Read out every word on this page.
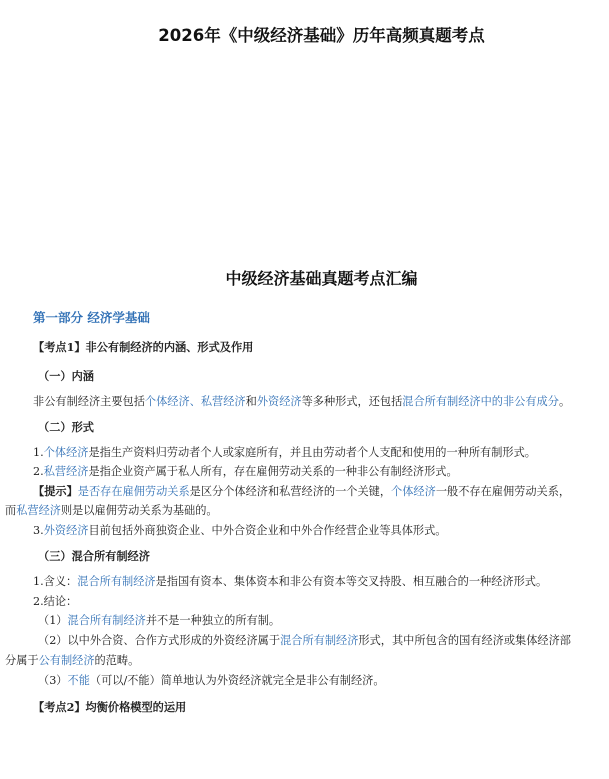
2026年《中级经济基础》历年高频真题考点
中级经济基础真题考点汇编
第一部分 经济学基础
【考点1】非公有制经济的内涵、形式及作用
（一）内涵
非公有制经济主要包括个体经济、私营经济和外资经济等多种形式，还包括混合所有制经济中的非公有成分。
（二）形式
1.个体经济是指生产资料归劳动者个人或家庭所有，并且由劳动者个人支配和使用的一种所有制形式。
2.私营经济是指企业资产属于私人所有，存在雇佣劳动关系的一种非公有制经济形式。
【提示】是否存在雇佣劳动关系是区分个体经济和私营经济的一个关键，个体经济一般不存在雇佣劳动关系，
而私营经济则是以雇佣劳动关系为基础的。
3.外资经济目前包括外商独资企业、中外合资企业和中外合作经营企业等具体形式。
（三）混合所有制经济
1.含义：混合所有制经济是指国有资本、集体资本和非公有资本等交叉持股、相互融合的一种经济形式。
2.结论：
（1）混合所有制经济并不是一种独立的所有制。
（2）以中外合资、合作方式形成的外资经济属于混合所有制经济形式，其中所包含的国有经济或集体经济部
分属于公有制经济的范畴。
（3）不能（可以/不能）简单地认为外资经济就完全是非公有制经济。
【考点2】均衡价格模型的运用
